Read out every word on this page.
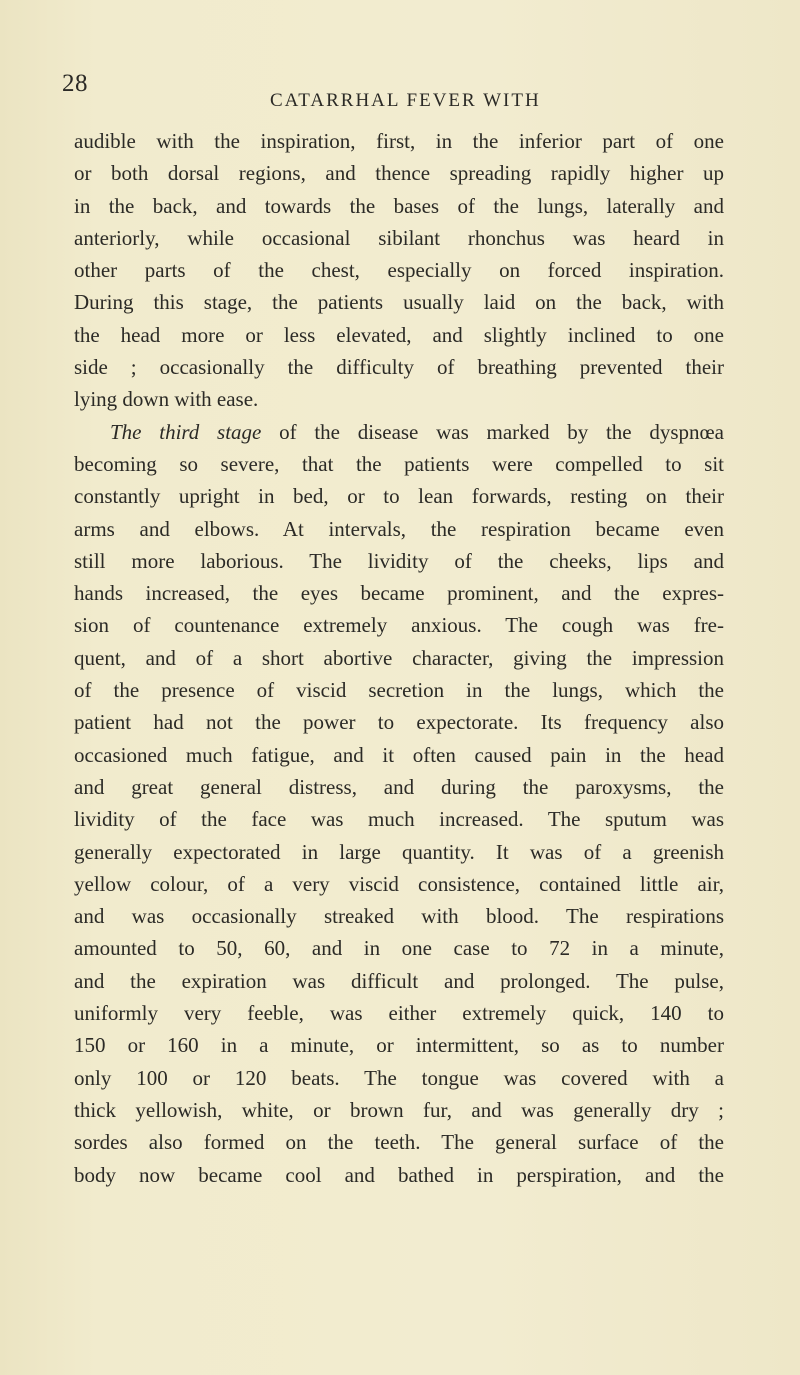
28
CATARRHAL FEVER WITH
audible with the inspiration, first, in the inferior part of one
or both dorsal regions, and thence spreading rapidly higher up
in the back, and towards the bases of the lungs, laterally and
anteriorly, while occasional sibilant rhonchus was heard in
other parts of the chest, especially on forced inspiration.
During this stage, the patients usually laid on the back, with
the head more or less elevated, and slightly inclined to one
side ; occasionally the difficulty of breathing prevented their
lying down with ease.
The third stage of the disease was marked by the dyspnœa
becoming so severe, that the patients were compelled to sit
constantly upright in bed, or to lean forwards, resting on their
arms and elbows. At intervals, the respiration became even
still more laborious. The lividity of the cheeks, lips and
hands increased, the eyes became prominent, and the expres-
sion of countenance extremely anxious. The cough was fre-
quent, and of a short abortive character, giving the impression
of the presence of viscid secretion in the lungs, which the
patient had not the power to expectorate. Its frequency also
occasioned much fatigue, and it often caused pain in the head
and great general distress, and during the paroxysms, the
lividity of the face was much increased. The sputum was
generally expectorated in large quantity. It was of a greenish
yellow colour, of a very viscid consistence, contained little air,
and was occasionally streaked with blood. The respirations
amounted to 50, 60, and in one case to 72 in a minute,
and the expiration was difficult and prolonged. The pulse,
uniformly very feeble, was either extremely quick, 140 to
150 or 160 in a minute, or intermittent, so as to number
only 100 or 120 beats. The tongue was covered with a
thick yellowish, white, or brown fur, and was generally dry ;
sordes also formed on the teeth. The general surface of the
body now became cool and bathed in perspiration, and the
